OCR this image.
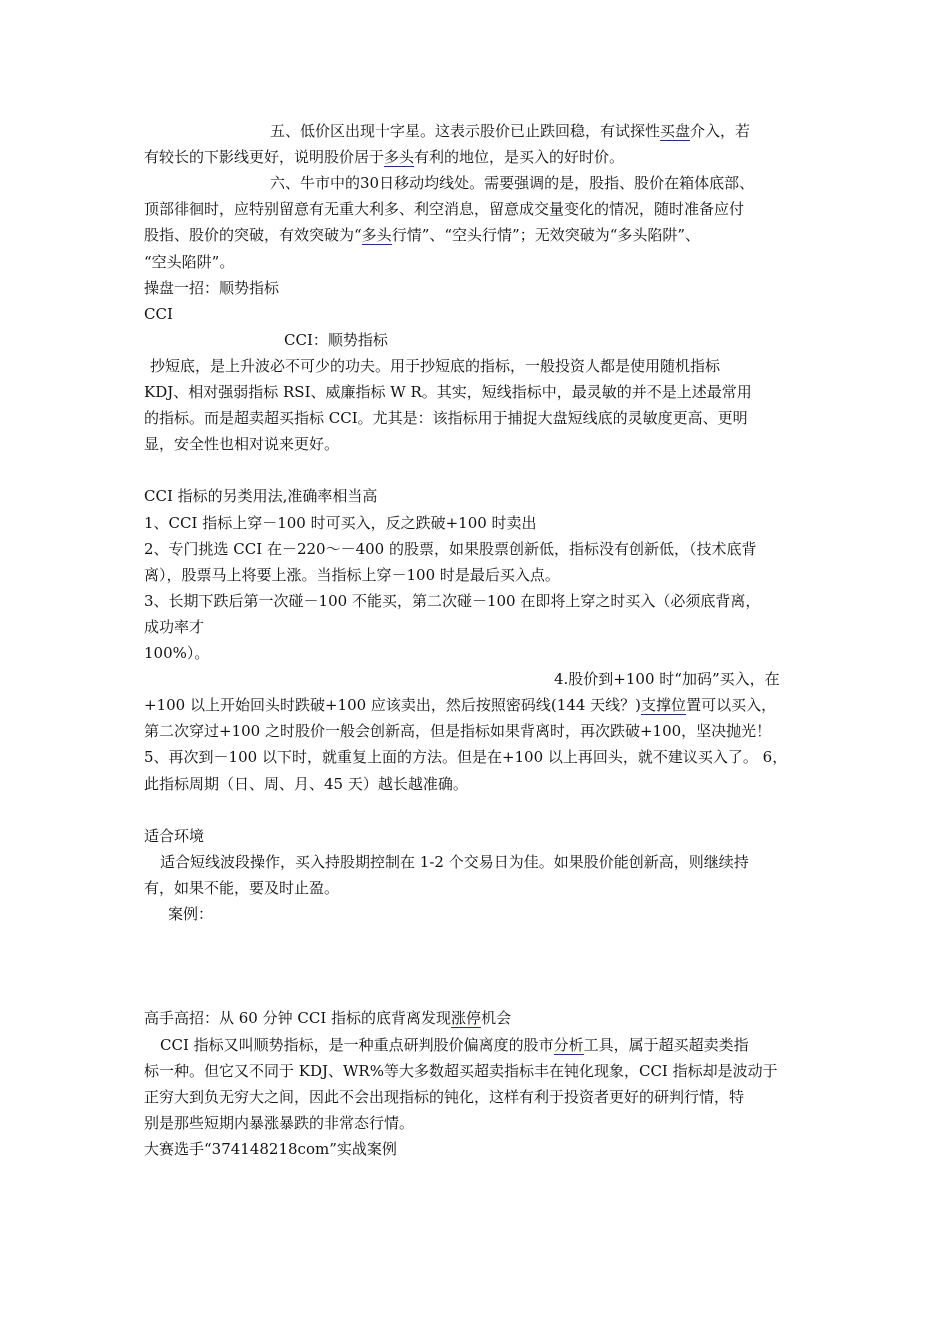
五、低价区出现十字星。这表示股价已止跌回稳，有试探性买盘介入，若
有较长的下影线更好，说明股价居于多头有利的地位，是买入的好时价。
六、牛市中的30日移动均线处。需要强调的是，股指、股价在箱体底部、
顶部徘徊时，应特别留意有无重大利多、利空消息，留意成交量变化的情况，随时准备应付
股指、股价的突破，有效突破为“多头行情”、“空头行情”；无效突破为“多头陷阱”、
“空头陷阱”。
操盘一招：顺势指标
CCI
CCI：顺势指标
抄短底，是上升波必不可少的功夫。用于抄短底的指标，一般投资人都是使用随机指标
KDJ、相对强弱指标 RSI、威廉指标 W R。其实，短线指标中，最灵敏的并不是上述最常用
的指标。而是超卖超买指标 CCI。尤其是：该指标用于捕捉大盘短线底的灵敏度更高、更明
显，安全性也相对说来更好。
CCI 指标的另类用法,准确率相当高
1、CCI 指标上穿－100 时可买入，反之跌破+100 时卖出
2、专门挑选 CCI 在－220～－400 的股票，如果股票创新低，指标没有创新低，（技术底背
离），股票马上将要上涨。当指标上穿－100 时是最后买入点。
3、长期下跌后第一次碰－100 不能买，第二次碰－100 在即将上穿之时买入（必须底背离，
成功率才
100%）。
4.股价到+100 时“加码”买入，在
+100 以上开始回头时跌破+100 应该卖出，然后按照密码线(144 天线？)支撑位置可以买入，
第二次穿过+100 之时股价一般会创新高，但是指标如果背离时，再次跌破+100，坚决抛光！
5、再次到－100 以下时，就重复上面的方法。但是在+100 以上再回头，就不建议买入了。 6，
此指标周期（日、周、月、45 天）越长越准确。
适合环境
适合短线波段操作，买入持股期控制在 1-2 个交易日为佳。如果股价能创新高，则继续持
有，如果不能，要及时止盈。
案例：
高手高招：从 60 分钟 CCI 指标的底背离发现涨停机会
CCI 指标又叫顺势指标，是一种重点研判股价偏离度的股市分析工具，属于超买超卖类指
标一种。但它又不同于 KDJ、WR%等大多数超买超卖指标丰在钝化现象，CCI 指标却是波动于
正穷大到负无穷大之间，因此不会出现指标的钝化，这样有利于投资者更好的研判行情，特
别是那些短期内暴涨暴跌的非常态行情。
大赛选手“374148218com”实战案例
